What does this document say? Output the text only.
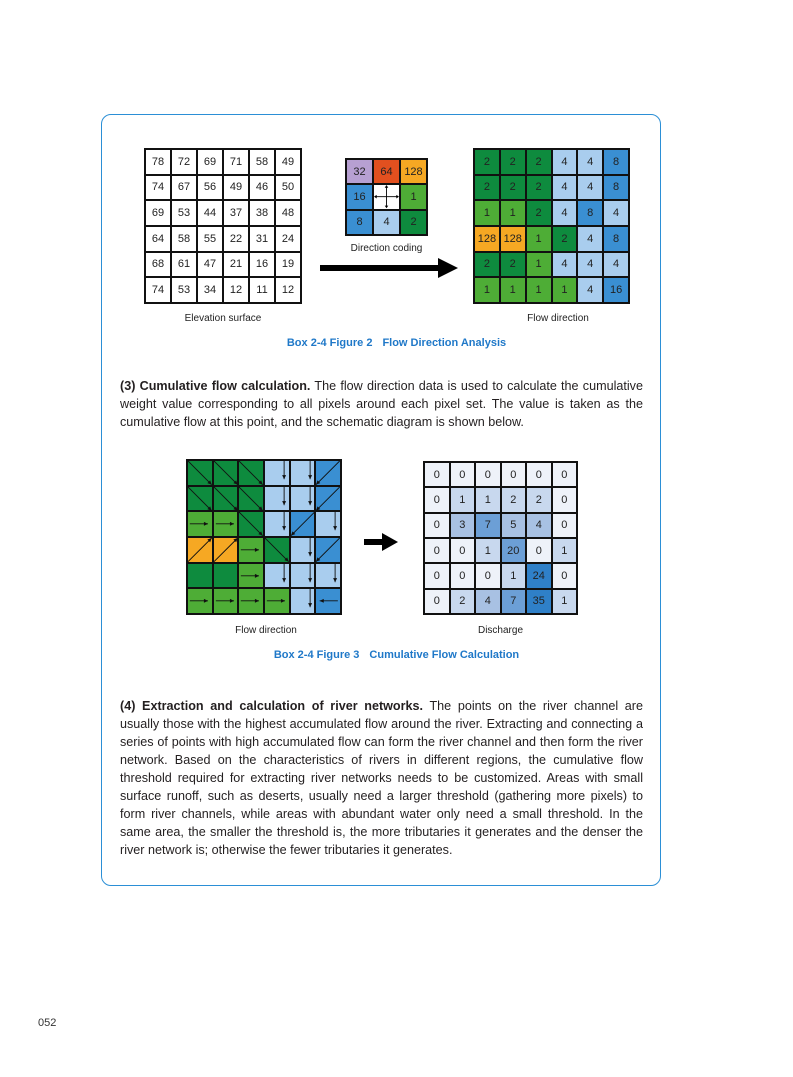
78 72 69 71 58 49
74 67 56 49 46 50
69 53 44 37 38 48
64 58 55 22 31 24
68 61 47 21 16 19
74 53 34 12 11 12
Elevation surface
32 64 128
16	1
8 4 2
Direction coding
2 2 2 4 4 8
2 2 2 4 4 8
1 1 2 4 8 4
128 128 1 2 4 8
2 2 1 4 4 4
1 1 1 1 4 16
Flow direction
Box 2-4 Figure 2 Flow Direction Analysis
(3) Cumulative flow calculation. The flow direction data is used to calculate the cumulative weight value corresponding to all pixels around each pixel set. The value is taken as the cumulative flow at this point, and the schematic diagram is shown below.
Flow direction
0 0 0 0 0 0
0 1 1 2 2 0
0 3 7 5 4 0
0 0 1 20 0 1
0 0 0 1 24 0
0 2 4 7 35 1
Discharge
Box 2-4 Figure 3 Cumulative Flow Calculation
(4) Extraction and calculation of river networks. The points on the river channel are usually those with the highest accumulated flow around the river. Extracting and connecting a series of points with high accumulated flow can form the river channel and then form the river network. Based on the characteristics of rivers in different regions, the cumulative flow threshold required for extracting river networks needs to be customized. Areas with small surface runoff, such as deserts, usually need a larger threshold (gathering more pixels) to form river channels, while areas with abundant water only need a small threshold. In the same area, the smaller the threshold is, the more tributaries it generates and the denser the river network is; otherwise the fewer tributaries it generates.
052
